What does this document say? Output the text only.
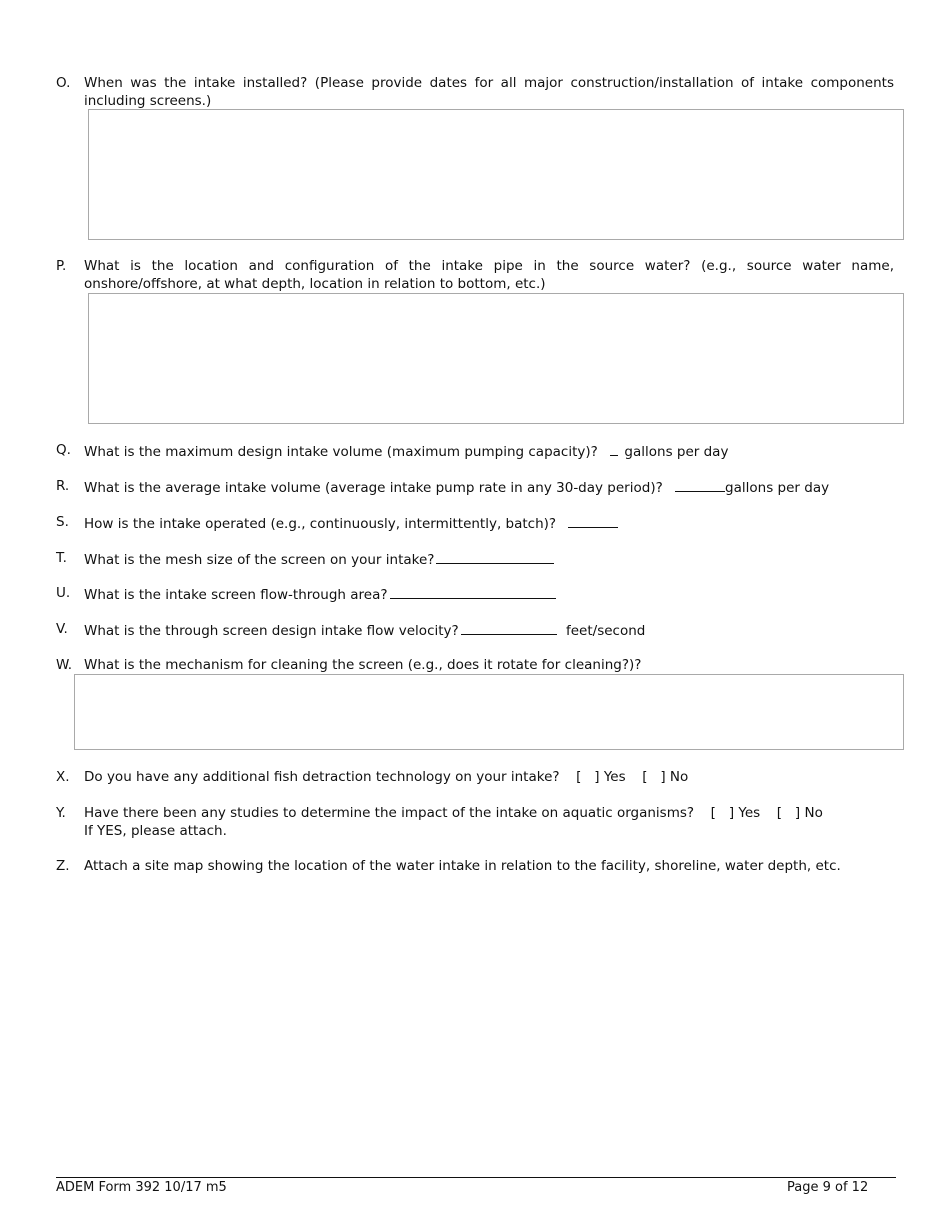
O.	When was the intake installed? (Please provide dates for all major construction/installation of intake components including screens.)
P.	What is the location and configuration of the intake pipe in the source water? (e.g., source water name, onshore/offshore, at what depth, location in relation to bottom, etc.)
Q. What is the maximum design intake volume (maximum pumping capacity)? gallons per day
R.	What is the average intake volume (average intake pump rate in any 30-day period)?	gallons per day
S.	How is the intake operated (e.g., continuously, intermittently, batch)?
T.	What is the mesh size of the screen on your intake?
U.	What is the intake screen flow-through area?
V.	What is the through screen design intake flow velocity?	feet/second
W. What is the mechanism for cleaning the screen (e.g., does it rotate for cleaning?)?
X.	Do you have any additional fish detraction technology on your intake? [   ] Yes [   ] No
Y.	Have there been any studies to determine the impact of the intake on aquatic organisms? [   ] Yes [   ] No
If YES, please attach.
Z.	Attach a site map showing the location of the water intake in relation to the facility, shoreline, water depth, etc.
ADEM Form 392 10/17 m5	Page 9 of 12
